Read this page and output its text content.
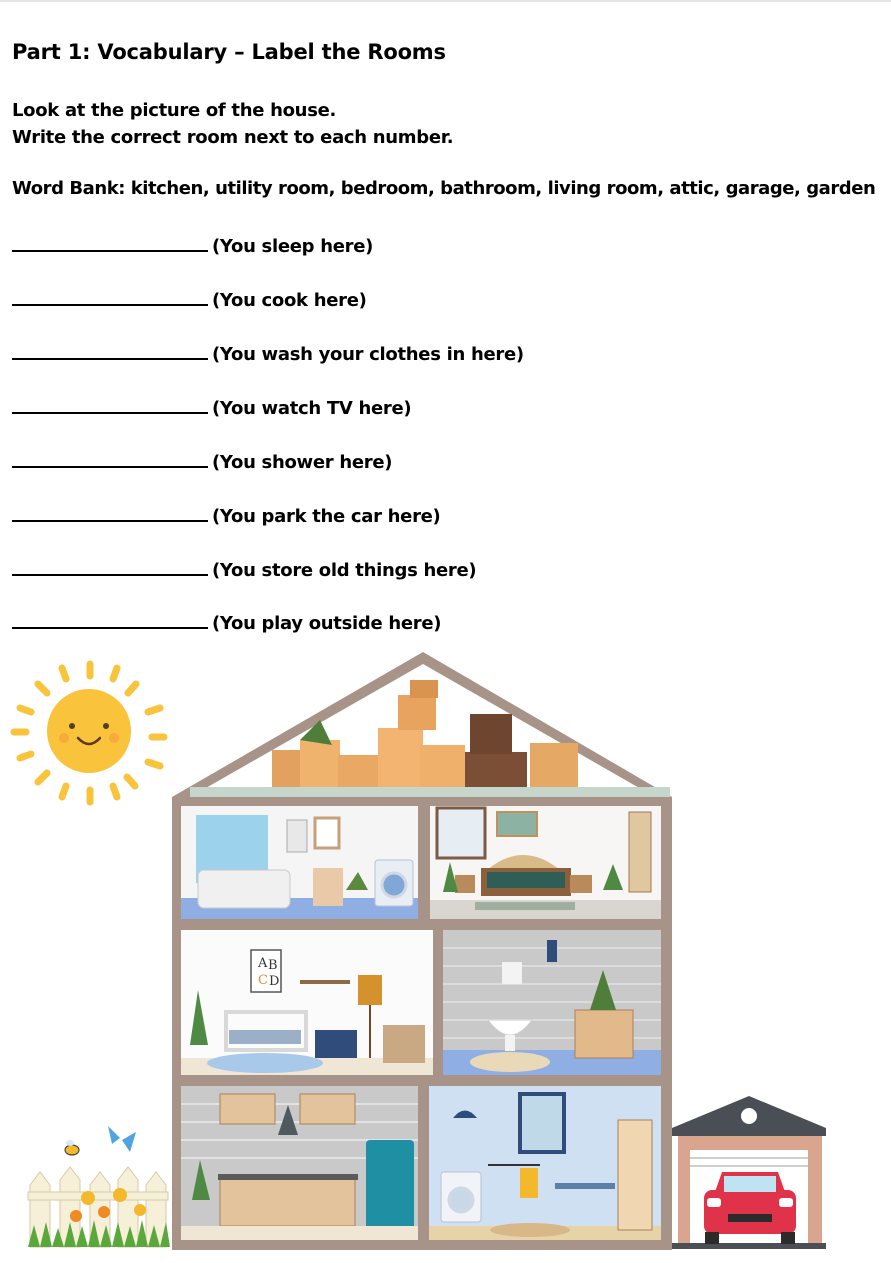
Part 1: Vocabulary – Label the Rooms
Look at the picture of the house.
Write the correct room next to each number.
Word Bank: kitchen, utility room, bedroom, bathroom, living room, attic, garage, garden
(You sleep here)
(You cook here)
(You wash your clothes in here)
(You watch TV here)
(You shower here)
(You park the car here)
(You store old things here)
(You play outside here)
A B
C D
